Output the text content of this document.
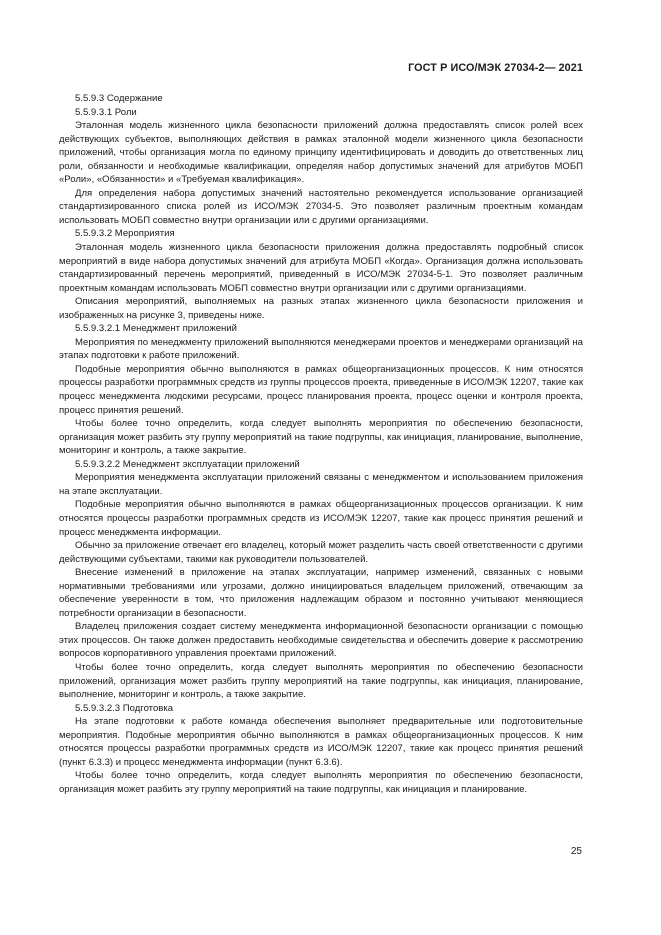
ГОСТ Р ИСО/МЭК 27034-2— 2021

5.5.9.3 Содержание

5.5.9.3.1 Роли

Эталонная модель жизненного цикла безопасности приложений должна предоставлять список ролей всех действующих субъектов, выполняющих действия в рамках эталонной модели жизненного цикла безопасности приложений, чтобы организация могла по единому принципу идентифицировать и доводить до ответственных лиц роли, обязанности и необходимые квалификации, определяя набор допустимых значений для атрибутов МОБП «Роли», «Обязанности» и «Требуемая квалификация».

Для определения набора допустимых значений настоятельно рекомендуется использование организацией стандартизированного списка ролей из ИСО/МЭК 27034-5. Это позволяет различным проектным командам использовать МОБП совместно внутри организации или с другими организациями.

5.5.9.3.2 Мероприятия

Эталонная модель жизненного цикла безопасности приложения должна предоставлять подробный список мероприятий в виде набора допустимых значений для атрибута МОБП «Когда». Организация должна использовать стандартизированный перечень мероприятий, приведенный в ИСО/МЭК 27034-5-1. Это позволяет различным проектным командам использовать МОБП совместно внутри организации или с другими организациями.

Описания мероприятий, выполняемых на разных этапах жизненного цикла безопасности приложения и изображенных на рисунке 3, приведены ниже.

5.5.9.3.2.1 Менеджмент приложений

Мероприятия по менеджменту приложений выполняются менеджерами проектов и менеджерами организаций на этапах подготовки к работе приложений.

Подобные мероприятия обычно выполняются в рамках общеорганизационных процессов. К ним относятся процессы разработки программных средств из группы процессов проекта, приведенные в ИСО/МЭК 12207, такие как процесс менеджмента людскими ресурсами, процесс планирования проекта, процесс оценки и контроля проекта, процесс принятия решений.

Чтобы более точно определить, когда следует выполнять мероприятия по обеспечению безопасности, организация может разбить эту группу мероприятий на такие подгруппы, как инициация, планирование, выполнение, мониторинг и контроль, а также закрытие.

5.5.9.3.2.2 Менеджмент эксплуатации приложений

Мероприятия менеджмента эксплуатации приложений связаны с менеджментом и использованием приложения на этапе эксплуатации.

Подобные мероприятия обычно выполняются в рамках общеорганизационных процессов организации. К ним относятся процессы разработки программных средств из ИСО/МЭК 12207, такие как процесс принятия решений и процесс менеджмента информации.

Обычно за приложение отвечает его владелец, который может разделить часть своей ответственности с другими действующими субъектами, такими как руководители пользователей.

Внесение изменений в приложение на этапах эксплуатации, например изменений, связанных с новыми нормативными требованиями или угрозами, должно инициироваться владельцем приложений, отвечающим за обеспечение уверенности в том, что приложения надлежащим образом и постоянно учитывают меняющиеся потребности организации в безопасности.

Владелец приложения создает систему менеджмента информационной безопасности организации с помощью этих процессов. Он также должен предоставить необходимые свидетельства и обеспечить доверие к рассмотрению вопросов корпоративного управления проектами приложений.

Чтобы более точно определить, когда следует выполнять мероприятия по обеспечению безопасности приложений, организация может разбить группу мероприятий на такие подгруппы, как инициация, планирование, выполнение, мониторинг и контроль, а также закрытие.

5.5.9.3.2.3 Подготовка

На этапе подготовки к работе команда обеспечения выполняет предварительные или подготовительные мероприятия. Подобные мероприятия обычно выполняются в рамках общеорганизационных процессов. К ним относятся процессы разработки программных средств из ИСО/МЭК 12207, такие как процесс принятия решений (пункт 6.3.3) и процесс менеджмента информации (пункт 6.3.6).

Чтобы более точно определить, когда следует выполнять мероприятия по обеспечению безопасности, организация может разбить эту группу мероприятий на такие подгруппы, как инициация и планирование.

25
